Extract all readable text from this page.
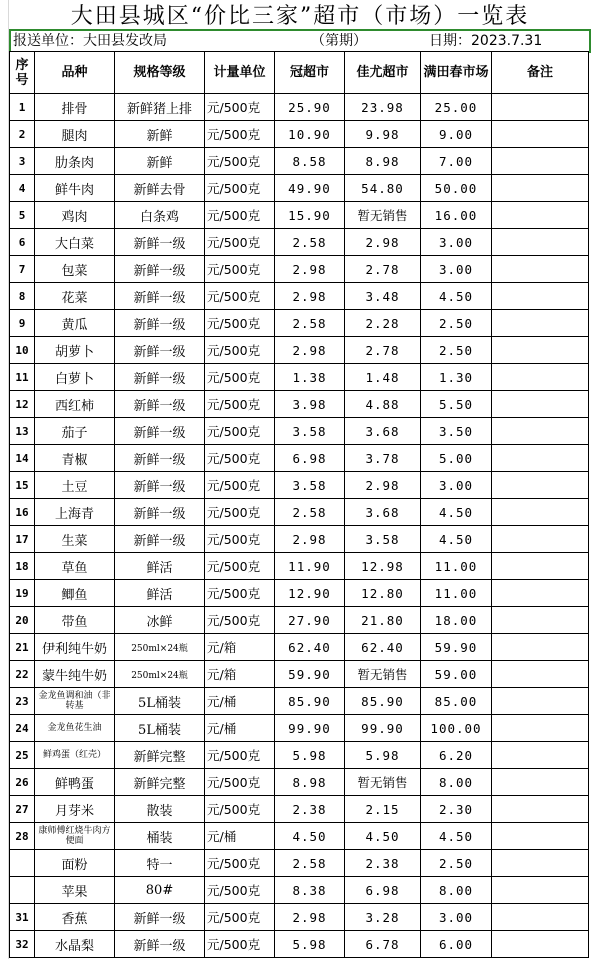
大田县城区“价比三家”超市（市场）一览表
报送单位：大田县发改局	（第期）	日期：2023.7.31
序号	品种	规格等级	计量单位	冠超市	佳尤超市	满田春市场	备注
1	排骨	新鲜猪上排	元/500克	25.90	23.98	25.00	
2	腿肉	新鲜	元/500克	10.90	9.98	9.00	
3	肋条肉	新鲜	元/500克	8.58	8.98	7.00	
4	鲜牛肉	新鲜去骨	元/500克	49.90	54.80	50.00	
5	鸡肉	白条鸡	元/500克	15.90	暂无销售	16.00	
6	大白菜	新鲜一级	元/500克	2.58	2.98	3.00	
7	包菜	新鲜一级	元/500克	2.98	2.78	3.00	
8	花菜	新鲜一级	元/500克	2.98	3.48	4.50	
9	黄瓜	新鲜一级	元/500克	2.58	2.28	2.50	
10	胡萝卜	新鲜一级	元/500克	2.98	2.78	2.50	
11	白萝卜	新鲜一级	元/500克	1.38	1.48	1.30	
12	西红柿	新鲜一级	元/500克	3.98	4.88	5.50	
13	茄子	新鲜一级	元/500克	3.58	3.68	3.50	
14	青椒	新鲜一级	元/500克	6.98	3.78	5.00	
15	土豆	新鲜一级	元/500克	3.58	2.98	3.00	
16	上海青	新鲜一级	元/500克	2.58	3.68	4.50	
17	生菜	新鲜一级	元/500克	2.98	3.58	4.50	
18	草鱼	鲜活	元/500克	11.90	12.98	11.00	
19	鲫鱼	鲜活	元/500克	12.90	12.80	11.00	
20	带鱼	冰鲜	元/500克	27.90	21.80	18.00	
21	伊利纯牛奶	250ml×24瓶	元/箱	62.40	62.40	59.90	
22	蒙牛纯牛奶	250ml×24瓶	元/箱	59.90	暂无销售	59.00	
23	金龙鱼调和油（非转基	5L桶装	元/桶	85.90	85.90	85.00	
24	金龙鱼花生油	5L桶装	元/桶	99.90	99.90	100.00	
25	鲜鸡蛋（红壳）	新鲜完整	元/500克	5.98	5.98	6.20	
26	鲜鸭蛋	新鲜完整	元/500克	8.98	暂无销售	8.00	
27	月芽米	散装	元/500克	2.38	2.15	2.30	
28	康师傅红烧牛肉方便面	桶装	元/桶	4.50	4.50	4.50	
	面粉	特一	元/500克	2.58	2.38	2.50	
	苹果	80#	元/500克	8.38	6.98	8.00	
31	香蕉	新鲜一级	元/500克	2.98	3.28	3.00	
32	水晶梨	新鲜一级	元/500克	5.98	6.78	6.00	
